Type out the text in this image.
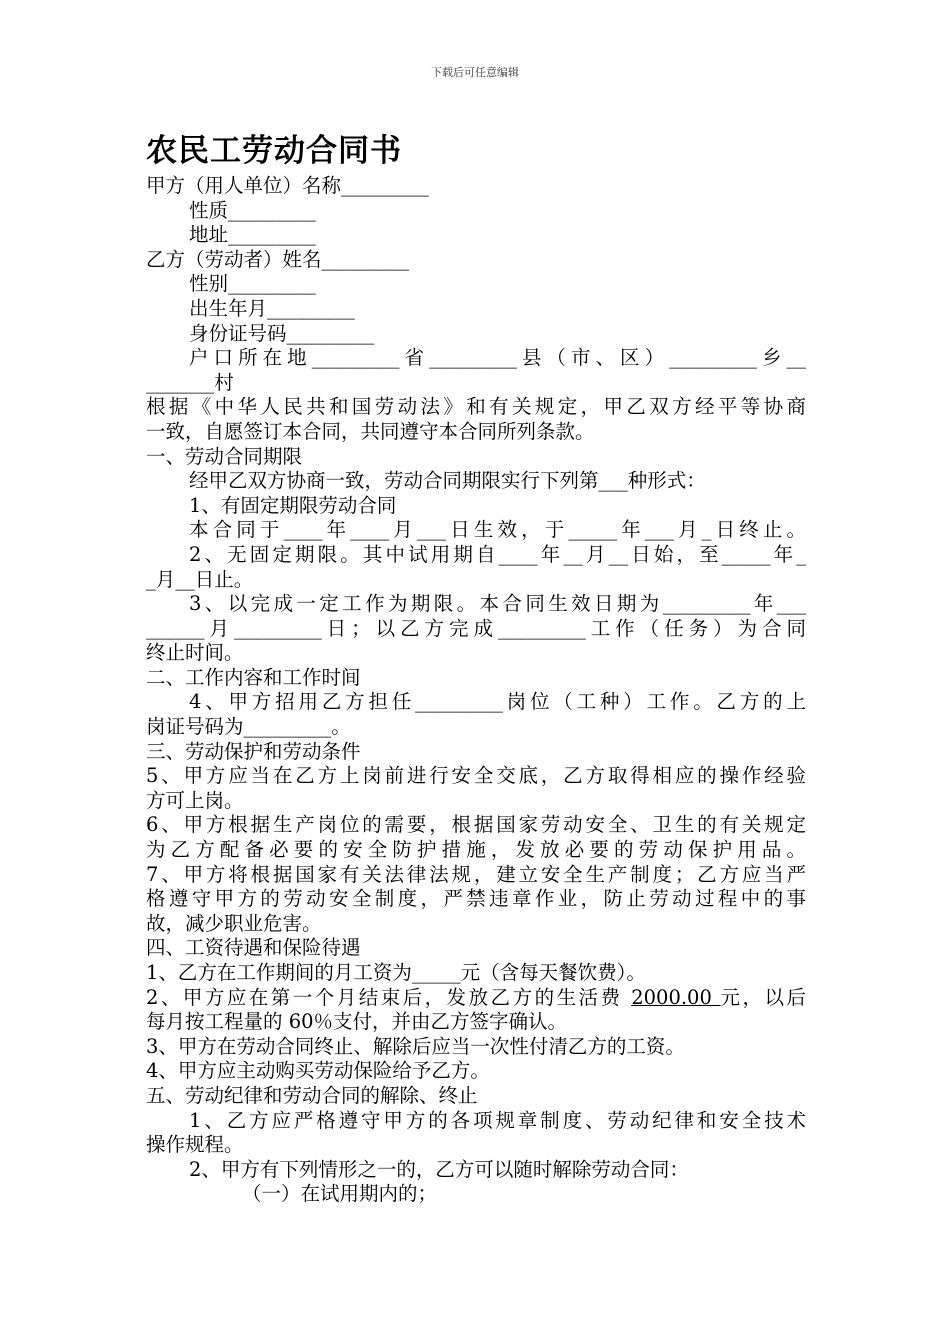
下载后可任意编辑
农民工劳动合同书
甲方（用人单位）名称_________
性质_________
地址_________
乙方（劳动者）姓名_________
性别_________
出生年月_________
身份证号码_________
户口所在地_________省_________县（市、区）_________乡__
_______村
根据《中华人民共和国劳动法》和有关规定，甲乙双方经平等协商
一致，自愿签订本合同，共同遵守本合同所列条款。
一、劳动合同期限
经甲乙双方协商一致，劳动合同期限实行下列第___种形式：
1、有固定期限劳动合同
本合同于____年____月___日生效，于_____年___月_日终止。
2、无固定期限。其中试用期自____年__月__日始，至_____年_
_月__日止。
3、以完成一定工作为期限。本合同生效日期为_________年___
______月_________日；以乙方完成_________工作（任务）为合同
终止时间。
二、工作内容和工作时间
4、甲方招用乙方担任_________岗位（工种）工作。乙方的上
岗证号码为_________。
三、劳动保护和劳动条件
5、甲方应当在乙方上岗前进行安全交底，乙方取得相应的操作经验
方可上岗。
6、甲方根据生产岗位的需要，根据国家劳动安全、卫生的有关规定
为乙方配备必要的安全防护措施，发放必要的劳动保护用品。
7、甲方将根据国家有关法律法规，建立安全生产制度；乙方应当严
格遵守甲方的劳动安全制度，严禁违章作业，防止劳动过程中的事
故，减少职业危害。
四、工资待遇和保险待遇
1、乙方在工作期间的月工资为_____元（含每天餐饮费）。
2、甲方应在第一个月结束后，发放乙方的生活费 2000.00 元，以后
每月按工程量的 60％支付，并由乙方签字确认。
3、甲方在劳动合同终止、解除后应当一次性付清乙方的工资。
4、甲方应主动购买劳动保险给予乙方。
五、劳动纪律和劳动合同的解除、终止
1、乙方应严格遵守甲方的各项规章制度、劳动纪律和安全技术
操作规程。
2、甲方有下列情形之一的，乙方可以随时解除劳动合同：
（一）在试用期内的；
